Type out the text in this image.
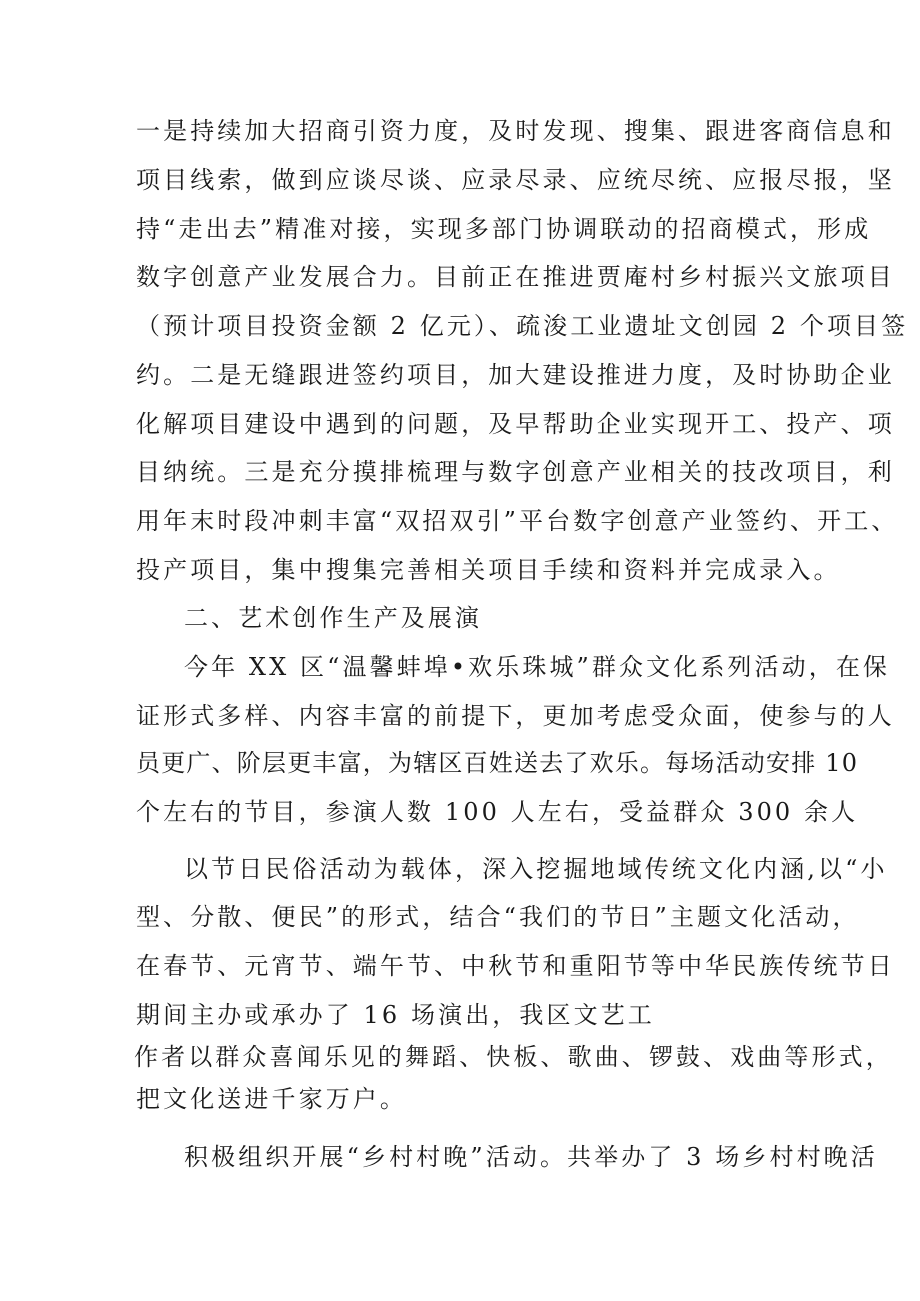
一是持续加大招商引资力度，及时发现、搜集、跟进客商信息和
项目线索，做到应谈尽谈、应录尽录、应统尽统、应报尽报，坚
持“走出去”精准对接，实现多部门协调联动的招商模式，形成
数字创意产业发展合力。目前正在推进贾庵村乡村振兴文旅项目
（预计项目投资金额 2 亿元）、疏浚工业遗址文创园 2 个项目签
约。二是无缝跟进签约项目，加大建设推进力度，及时协助企业
化解项目建设中遇到的问题，及早帮助企业实现开工、投产、项
目纳统。三是充分摸排梳理与数字创意产业相关的技改项目，利
用年末时段冲刺丰富“双招双引”平台数字创意产业签约、开工、
投产项目，集中搜集完善相关项目手续和资料并完成录入。
二、艺术创作生产及展演
今年 XX 区“温馨蚌埠•欢乐珠城”群众文化系列活动，在保
证形式多样、内容丰富的前提下，更加考虑受众面，使参与的人
员更广、阶层更丰富，为辖区百姓送去了欢乐。每场活动安排 10
个左右的节目，参演人数 100 人左右，受益群众 300 余人
以节日民俗活动为载体，深入挖掘地域传统文化内涵,以“小
型、分散、便民”的形式，结合“我们的节日”主题文化活动，
在春节、元宵节、端午节、中秋节和重阳节等中华民族传统节日
期间主办或承办了 16 场演出，我区文艺工
作者以群众喜闻乐见的舞蹈、快板、歌曲、锣鼓、戏曲等形式，
把文化送进千家万户。
积极组织开展“乡村村晚”活动。共举办了 3 场乡村村晚活
